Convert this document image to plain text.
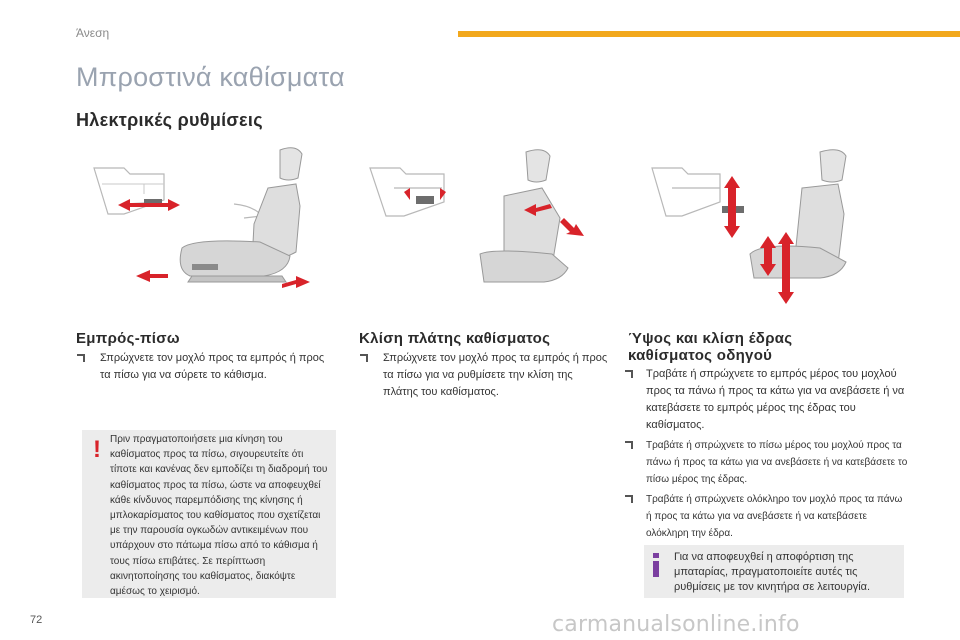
Άνεση
Μπροστινά καθίσματα
Ηλεκτρικές ρυθμίσεις
Εμπρός-πίσω
Σπρώχνετε τον μοχλό προς τα εμπρός ή προς τα πίσω για να σύρετε το κάθισμα.
Κλίση πλάτης καθίσματος
Σπρώχνετε τον μοχλό προς τα εμπρός ή προς τα πίσω για να ρυθμίσετε την κλίση της πλάτης του καθίσματος.
Ύψος και κλίση έδρας
καθίσματος οδηγού
Τραβάτε ή σπρώχνετε το εμπρός μέρος του μοχλού προς τα πάνω ή προς τα κάτω για να ανεβάσετε ή να κατεβάσετε το εμπρός μέρος της έδρας του καθίσματος.
Τραβάτε ή σπρώχνετε το πίσω μέρος του μοχλού προς τα πάνω ή προς τα κάτω για να ανεβάσετε ή να κατεβάσετε το πίσω μέρος της έδρας.
Τραβάτε ή σπρώχνετε ολόκληρο τον μοχλό προς τα πάνω ή προς τα κάτω για να ανεβάσετε ή να κατεβάσετε ολόκληρη την έδρα.
! Πριν πραγματοποιήσετε μια κίνηση του καθίσματος προς τα πίσω, σιγουρευτείτε ότι τίποτε και κανένας δεν εμποδίζει τη διαδρομή του καθίσματος προς τα πίσω, ώστε να αποφευχθεί κάθε κίνδυνος παρεμπόδισης της κίνησης ή μπλοκαρίσματος του καθίσματος που σχετίζεται με την παρουσία ογκωδών αντικειμένων που υπάρχουν στο πάτωμα πίσω από το κάθισμα ή τους πίσω επιβάτες. Σε περίπτωση ακινητοποίησης του καθίσματος, διακόψτε αμέσως το χειρισμό.
Για να αποφευχθεί η αποφόρτιση της μπαταρίας, πραγματοποιείτε αυτές τις ρυθμίσεις με τον κινητήρα σε λειτουργία.
72	carmanualsonline.info
